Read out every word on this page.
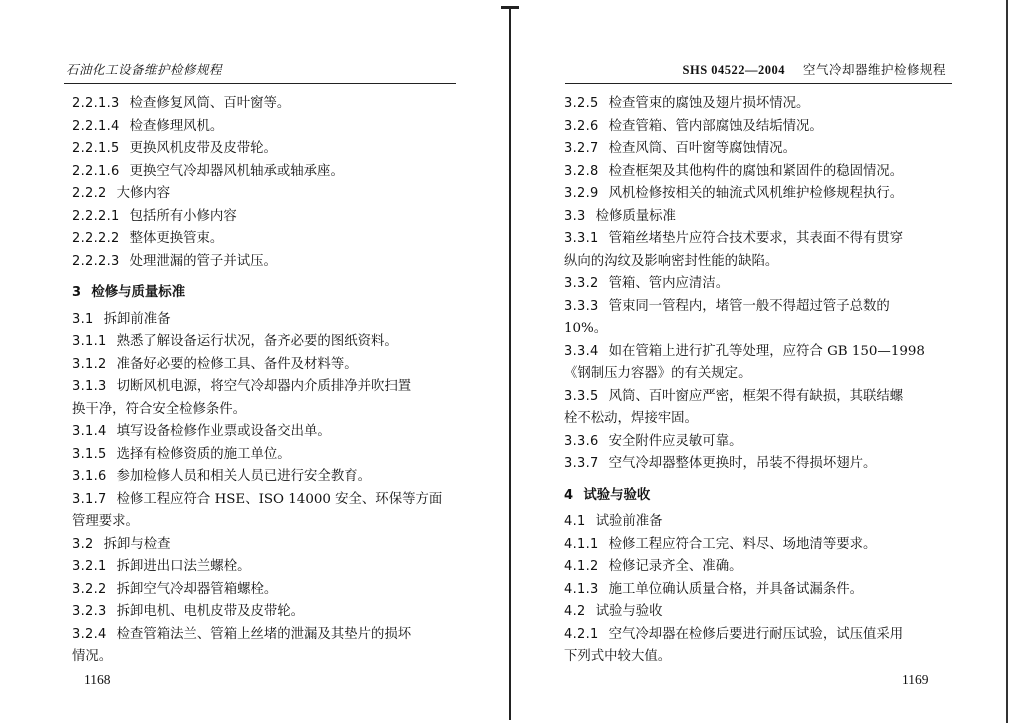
石油化工设备维护检修规程
2.2.1.3 检查修复风筒、百叶窗等。
2.2.1.4 检查修理风机。
2.2.1.5 更换风机皮带及皮带轮。
2.2.1.6 更换空气冷却器风机轴承或轴承座。
2.2.2 大修内容
2.2.2.1 包括所有小修内容
2.2.2.2 整体更换管束。
2.2.2.3 处理泄漏的管子并试压。
3 检修与质量标准
3.1 拆卸前准备
3.1.1 熟悉了解设备运行状况，备齐必要的图纸资料。
3.1.2 准备好必要的检修工具、备件及材料等。
3.1.3 切断风机电源，将空气冷却器内介质排净并吹扫置
换干净，符合安全检修条件。
3.1.4 填写设备检修作业票或设备交出单。
3.1.5 选择有检修资质的施工单位。
3.1.6 参加检修人员和相关人员已进行安全教育。
3.1.7 检修工程应符合 HSE、ISO 14000 安全、环保等方面
管理要求。
3.2 拆卸与检查
3.2.1 拆卸进出口法兰螺栓。
3.2.2 拆卸空气冷却器管箱螺栓。
3.2.3 拆卸电机、电机皮带及皮带轮。
3.2.4 检查管箱法兰、管箱上丝堵的泄漏及其垫片的损坏
情况。
1168
SHS 04522—2004 空气冷却器维护检修规程
3.2.5 检查管束的腐蚀及翅片损坏情况。
3.2.6 检查管箱、管内部腐蚀及结垢情况。
3.2.7 检查风筒、百叶窗等腐蚀情况。
3.2.8 检查框架及其他构件的腐蚀和紧固件的稳固情况。
3.2.9 风机检修按相关的轴流式风机维护检修规程执行。
3.3 检修质量标准
3.3.1 管箱丝堵垫片应符合技术要求，其表面不得有贯穿
纵向的沟纹及影响密封性能的缺陷。
3.3.2 管箱、管内应清洁。
3.3.3 管束同一管程内，堵管一般不得超过管子总数的
10%。
3.3.4 如在管箱上进行扩孔等处理，应符合 GB 150—1998
《钢制压力容器》的有关规定。
3.3.5 风筒、百叶窗应严密，框架不得有缺损，其联结螺
栓不松动，焊接牢固。
3.3.6 安全附件应灵敏可靠。
3.3.7 空气冷却器整体更换时，吊装不得损坏翅片。
4 试验与验收
4.1 试验前准备
4.1.1 检修工程应符合工完、料尽、场地清等要求。
4.1.2 检修记录齐全、准确。
4.1.3 施工单位确认质量合格，并具备试漏条件。
4.2 试验与验收
4.2.1 空气冷却器在检修后要进行耐压试验，试压值采用
下列式中较大值。
1169
